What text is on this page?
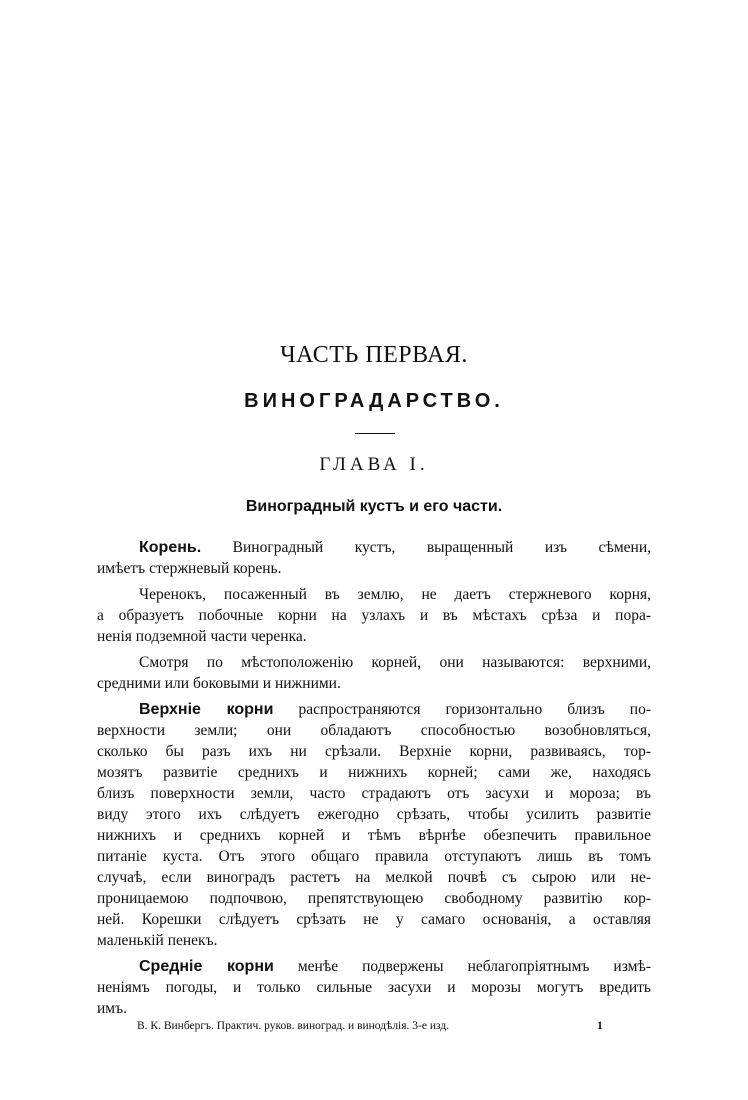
ЧАСТЬ ПЕРВАЯ.
ВИНОГРАДАРСТВО.
ГЛАВА I.
Виноградный кустъ и его части.
Корень. Виноградный кустъ, выращенный изъ сѣмени,
имѣетъ стержневый корень.
Черенокъ, посаженный въ землю, не даетъ стержневого корня,
а образуетъ побочные корни на узлахъ и въ мѣстахъ срѣза и пора-
ненія подземной части черенка.
Смотря по мѣстоположенію корней, они называются: верхними,
средними или боковыми и нижними.
Верхніе корни распространяются горизонтально близъ по-
верхности земли; они обладаютъ способностью возобновляться,
сколько бы разъ ихъ ни срѣзали. Верхніе корни, развиваясь, тор-
мозятъ развитіе среднихъ и нижнихъ корней; сами же, находясь
близъ поверхности земли, часто страдаютъ отъ засухи и мороза; въ
виду этого ихъ слѣдуетъ ежегодно срѣзать, чтобы усилить развитіе
нижнихъ и среднихъ корней и тѣмъ вѣрнѣе обезпечить правильное
питаніе куста. Отъ этого общаго правила отступаютъ лишь въ томъ
случаѣ, если виноградъ растетъ на мелкой почвѣ съ сырою или не-
проницаемою подпочвою, препятствующею свободному развитію кор-
ней. Корешки слѣдуетъ срѣзать не у самаго основанія, а оставляя
маленькій пенекъ.
Средніе корни менѣе подвержены неблагопріятнымъ измѣ-
неніямъ погоды, и только сильные засухи и морозы могутъ вредить
имъ.
В. К. Винбергъ. Практич. руков. виноград. и винодѣлія. 3-е изд.	1
